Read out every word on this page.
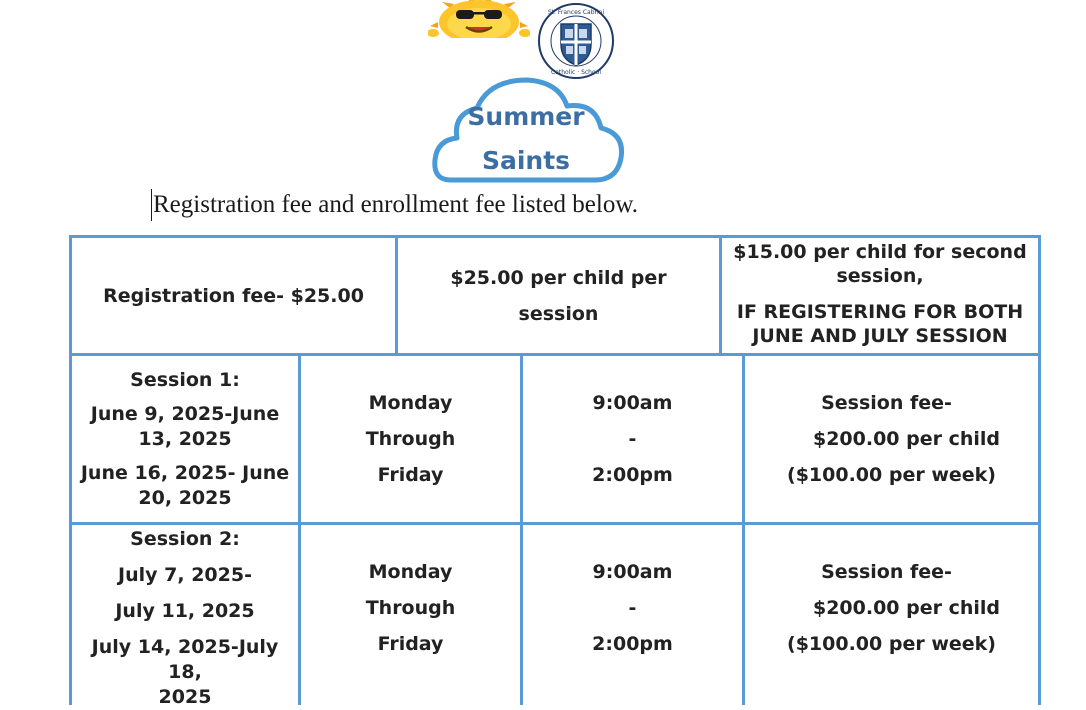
St. Frances Cabrini
Catholic · School
Summer
Saints

Registration fee and enrollment fee listed below.

Registration fee- $25.00

$25.00 per child per

session

$15.00 per child for second

session,

IF REGISTERING FOR BOTH

JUNE AND JULY SESSION

Session 1:

June 9, 2025-June

13, 2025

June 16, 2025- June

20, 2025

Monday

Through

Friday

9:00am

-

2:00pm

Session fee-

$200.00 per child

($100.00 per week)

Session 2:

July 7, 2025-

July 11, 2025

July 14, 2025-July 18,

2025

Monday

Through

Friday

9:00am

-

2:00pm

Session fee-

$200.00 per child

($100.00 per week)
